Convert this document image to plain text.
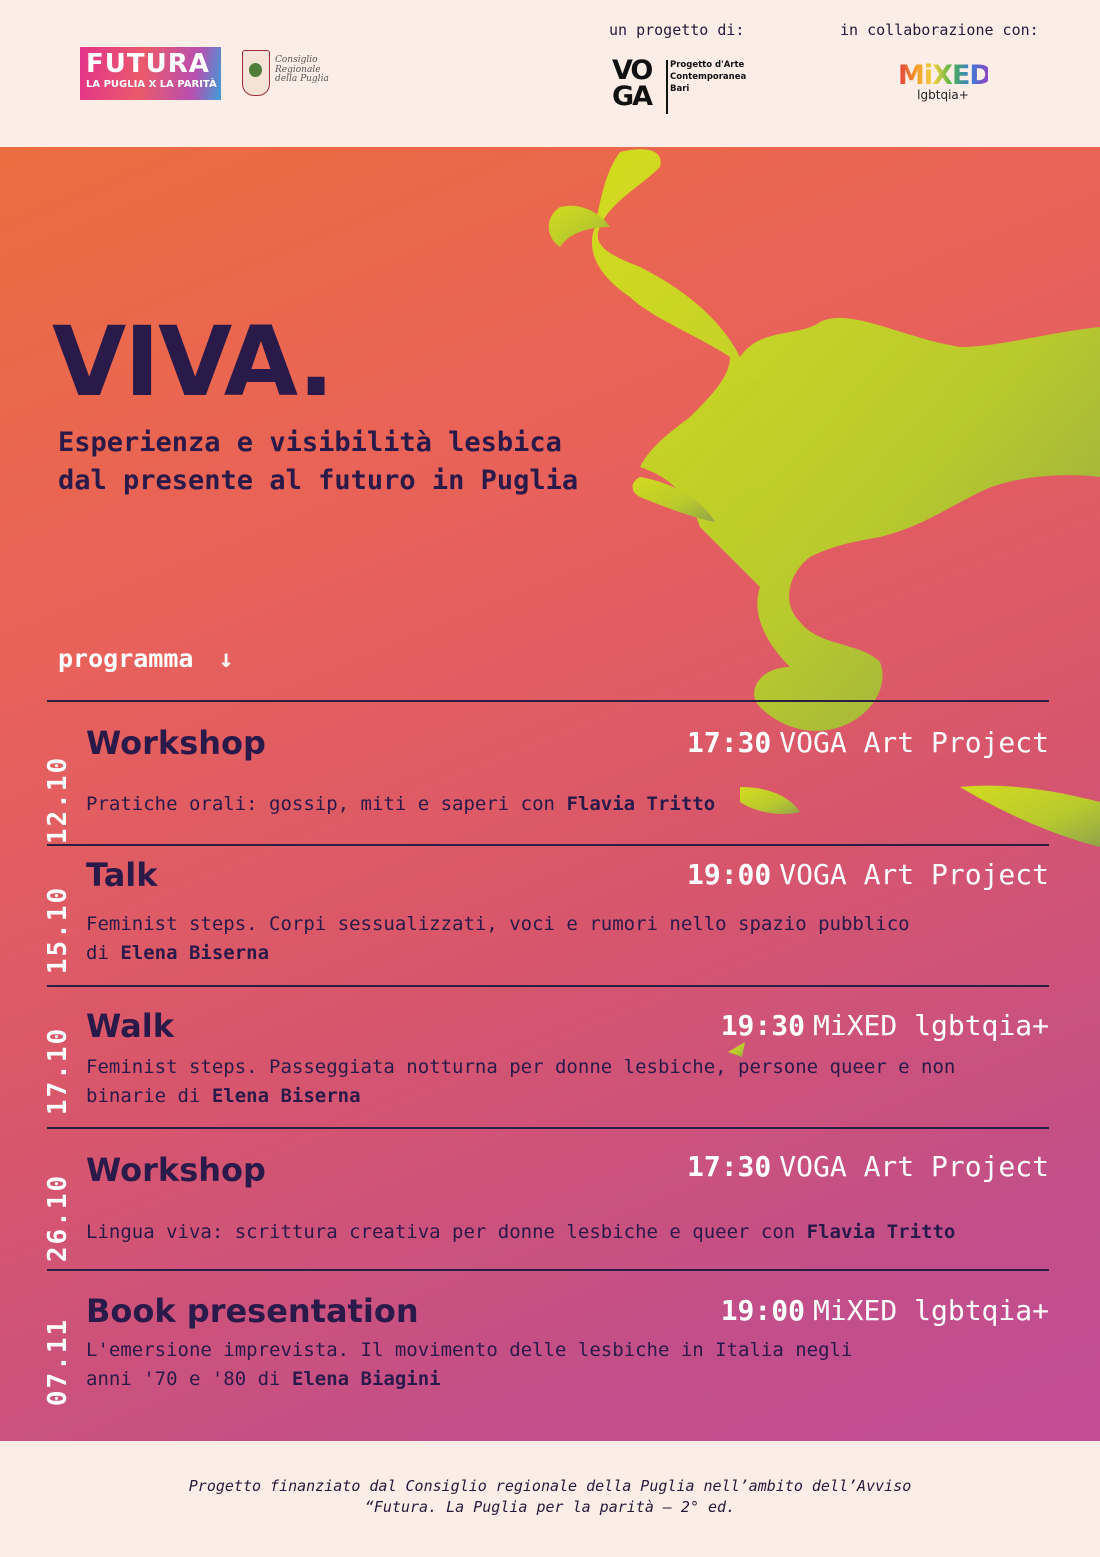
FUTURA
LA PUGLIA X LA PARITÀ
Consiglio
Regionale
della Puglia
un progetto di:	in collaborazione con:
VO
GA
Progetto d'Arte
Contemporanea
Bari	MiXED
lgbtqia+
VIVA.
Esperienza e visibilità lesbica
dal presente al futuro in Puglia
programma ↓
12.10
Workshop	17:30 VOGA Art Project
Pratiche orali: gossip, miti e saperi con Flavia Tritto
15.10
Talk	19:00 VOGA Art Project
Feminist steps. Corpi sessualizzati, voci e rumori nello spazio pubblico
di Elena Biserna
17.10
Walk	19:30 MiXED lgbtqia+
Feminist steps. Passeggiata notturna per donne lesbiche, persone queer e non
binarie di Elena Biserna
26.10
Workshop	17:30 VOGA Art Project
Lingua viva: scrittura creativa per donne lesbiche e queer con Flavia Tritto
07.11
Book presentation	19:00 MiXED lgbtqia+
L'emersione imprevista. Il movimento delle lesbiche in Italia negli
anni '70 e '80 di Elena Biagini
Progetto finanziato dal Consiglio regionale della Puglia nell’ambito dell’Avviso
“Futura. La Puglia per la parità – 2° ed.
